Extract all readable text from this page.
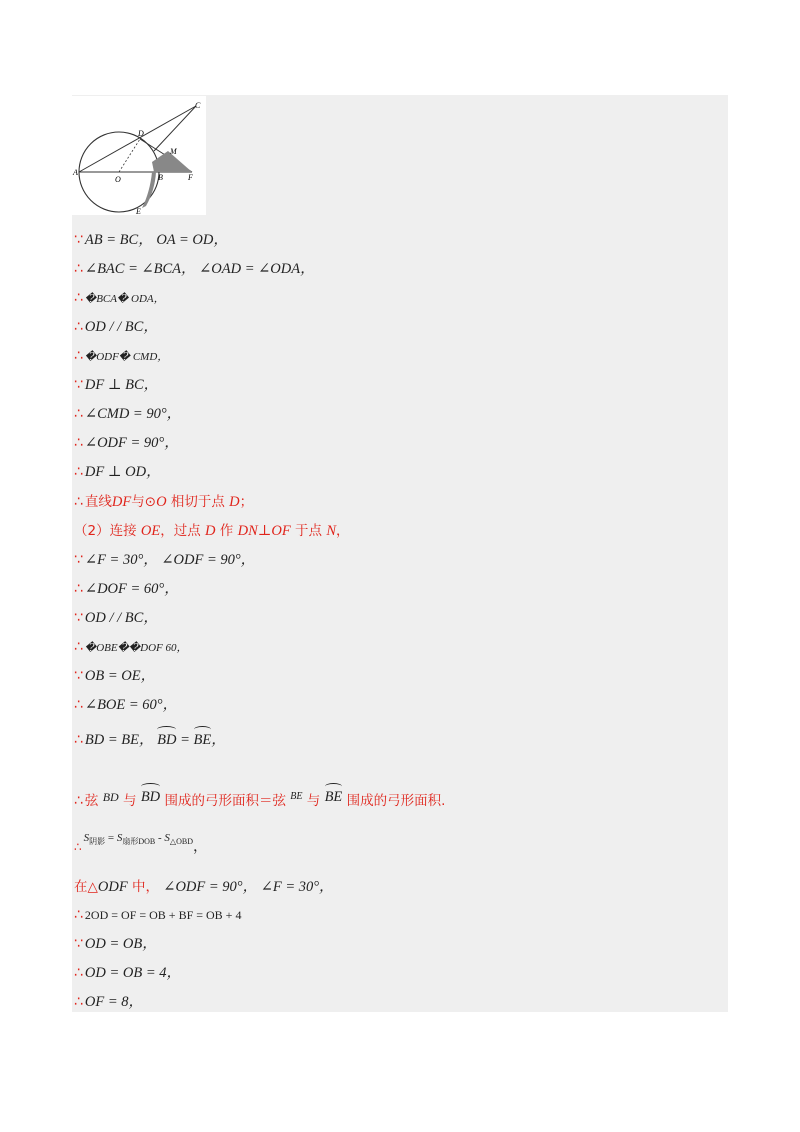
A
C
D
M
O	B	F
E
∵ AB = BC， OA = OD，
∴ ∠BAC = ∠BCA， ∠OAD = ∠ODA，
∴ �BCA� ODA，
∴ OD / / BC，
∴ �ODF� CMD，
∵ DF ⊥ BC，
∴ ∠CMD = 90°，
∴ ∠ODF = 90°，
∴ DF ⊥ OD，
∴ 直线DF与⊙O 相切于点 D；
（2）连接 OE，过点 D 作 DN⊥OF 于点 N，
∵ ∠F = 30°， ∠ODF = 90°，
∴ ∠DOF = 60°，
∵ OD / / BC，
∴ �OBE��DOF 60，
∵ OB = OE，
∴ ∠BOE = 60°，
∴ BD = BE， BD = BE，
∴ 弦 $^{BD}$ 与 BD 围成的弓形面积＝弦 $^{BE}$ 与 BE 围成的弓形面积.
∴$^{S_{阴影} = S_{扇形DOB} - S_{\triangle OBD}}$，
在△ODF 中， ∠ODF = 90°， ∠F = 30°，
∴ 2OD = OF = OB + BF = OB + 4
∵ OD = OB，
∴ OD = OB = 4，
∴ OF = 8，
